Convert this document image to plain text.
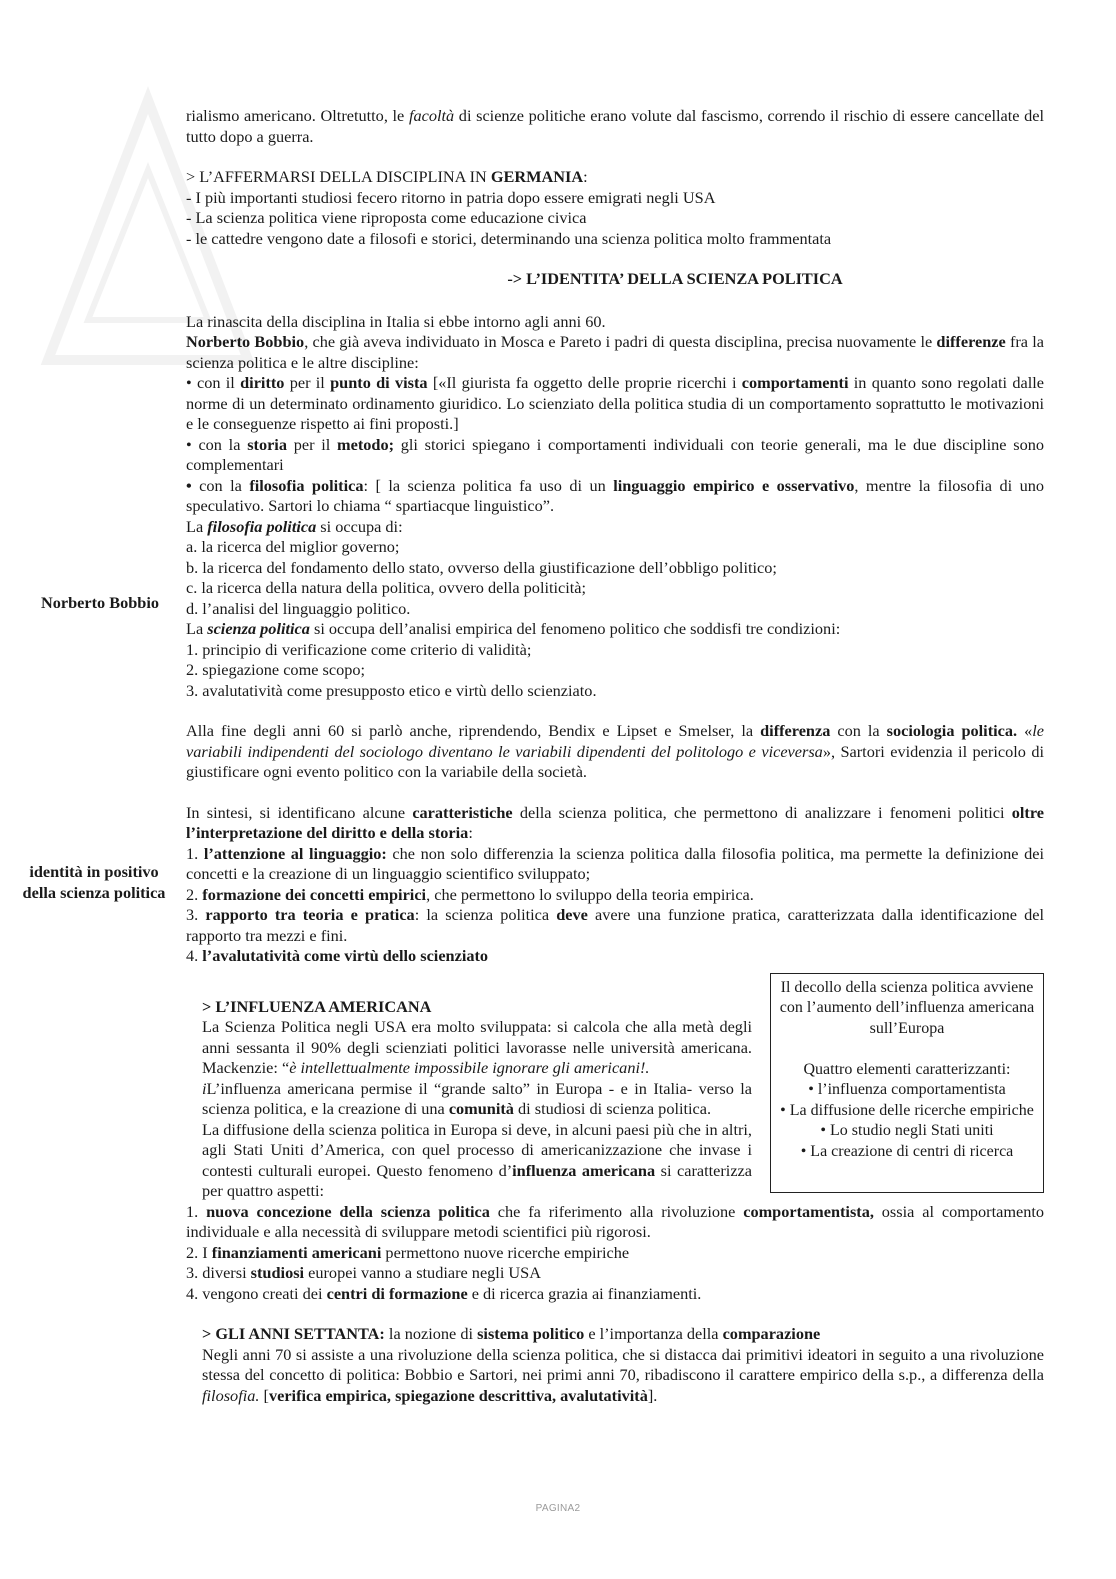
Norberto Bobbio
identità in positivo della scienza politica

rialismo americano. Oltretutto, le facoltà di scienze politiche erano volute dal fascismo, correndo il rischio di essere cancellate del tutto dopo a guerra.

> L’AFFERMARSI DELLA DISCIPLINA IN GERMANIA:

- I più importanti studiosi fecero ritorno in patria dopo essere emigrati negli USA

- La scienza politica viene riproposta come educazione civica

- le cattedre vengono date a filosofi e storici, determinando una scienza politica molto frammentata

-> L’IDENTITA’ DELLA SCIENZA POLITICA

La rinascita della disciplina in Italia si ebbe intorno agli anni 60.

Norberto Bobbio, che già aveva individuato in Mosca e Pareto i padri di questa disciplina, precisa nuovamente le differenze fra la scienza politica e le altre discipline:

• con il diritto per il punto di vista [«Il giurista fa oggetto delle proprie ricerchi i comportamenti in quanto sono regolati dalle norme di un determinato ordinamento giuridico. Lo scienziato della politica studia di un comportamento soprattutto le motivazioni e le conseguenze rispetto ai fini proposti.]

• con la storia per il metodo; gli storici spiegano i comportamenti individuali con teorie generali, ma le due discipline sono complementari

• con la filosofia politica: [ la scienza politica fa uso di un linguaggio empirico e osservativo, mentre la filosofia di uno speculativo. Sartori lo chiama “ spartiacque linguistico”.

La filosofia politica si occupa di:

a. la ricerca del miglior governo;

b. la ricerca del fondamento dello stato, ovverso della giustificazione dell’obbligo politico;

c. la ricerca della natura della politica, ovvero della politicità;

d. l’analisi del linguaggio politico.

La scienza politica si occupa dell’analisi empirica del fenomeno politico che soddisfi tre condizioni:

1. principio di verificazione come criterio di validità;

2. spiegazione come scopo;

3. avalutatività come presupposto etico e virtù dello scienziato.

Alla fine degli anni 60 si parlò anche, riprendendo, Bendix e Lipset e Smelser, la differenza con la sociologia politica. «le variabili indipendenti del sociologo diventano le variabili dipendenti del politologo e viceversa», Sartori evidenzia il pericolo di giustificare ogni evento politico con la variabile della società.

In sintesi, si identificano alcune caratteristiche della scienza politica, che permettono di analizzare i fenomeni politici oltre l’interpretazione del diritto e della storia:

1. l’attenzione al linguaggio: che non solo differenzia la scienza politica dalla filosofia politica, ma permette la definizione dei concetti e la creazione di un linguaggio scientifico sviluppato;

2. formazione dei concetti empirici, che permettono lo sviluppo della teoria empirica.

3. rapporto tra teoria e pratica: la scienza politica deve avere una funzione pratica, caratterizzata dalla identificazione del rapporto tra mezzi e fini.

4. l’avalutatività come virtù dello scienziato

Il decollo della scienza politica avviene con l’aumento dell’influenza americana sull’Europa
Quattro elementi caratterizzanti:
• l’influenza comportamentista
• La diffusione delle ricerche empiriche
• Lo studio negli Stati uniti
• La creazione di centri di ricerca

> L’INFLUENZA AMERICANA

La Scienza Politica negli USA era molto sviluppata: si calcola che alla metà degli anni sessanta il 90% degli scienziati politici lavorasse nelle università americana. Mackenzie: “è intellettualmente impossibile ignorare gli americani!.

iL’influenza americana permise il “grande salto” in Europa - e in Italia- verso la scienza politica, e la creazione di una comunità di studiosi di scienza politica.

La diffusione della scienza politica in Europa si deve, in alcuni paesi più che in altri, agli Stati Uniti d’America, con quel processo di americanizzazione che invase i contesti culturali europei. Questo fenomeno d’influenza americana si caratterizza per quattro aspetti:

1. nuova concezione della scienza politica che fa riferimento alla rivoluzione comportamentista, ossia al comportamento individuale e alla necessità di sviluppare metodi scientifici più rigorosi.

2. I finanziamenti americani permettono nuove ricerche empiriche

3. diversi studiosi europei vanno a studiare negli USA

4. vengono creati dei centri di formazione e di ricerca grazia ai finanziamenti.

> GLI ANNI SETTANTA: la nozione di sistema politico e l’importanza della comparazione

Negli anni 70 si assiste a una rivoluzione della scienza politica, che si distacca dai primitivi ideatori in seguito a una rivoluzione stessa del concetto di politica: Bobbio e Sartori, nei primi anni 70, ribadiscono il carattere empirico della s.p., a differenza della filosofia. [verifica empirica, spiegazione descrittiva, avalutatività].

PAGINA2
